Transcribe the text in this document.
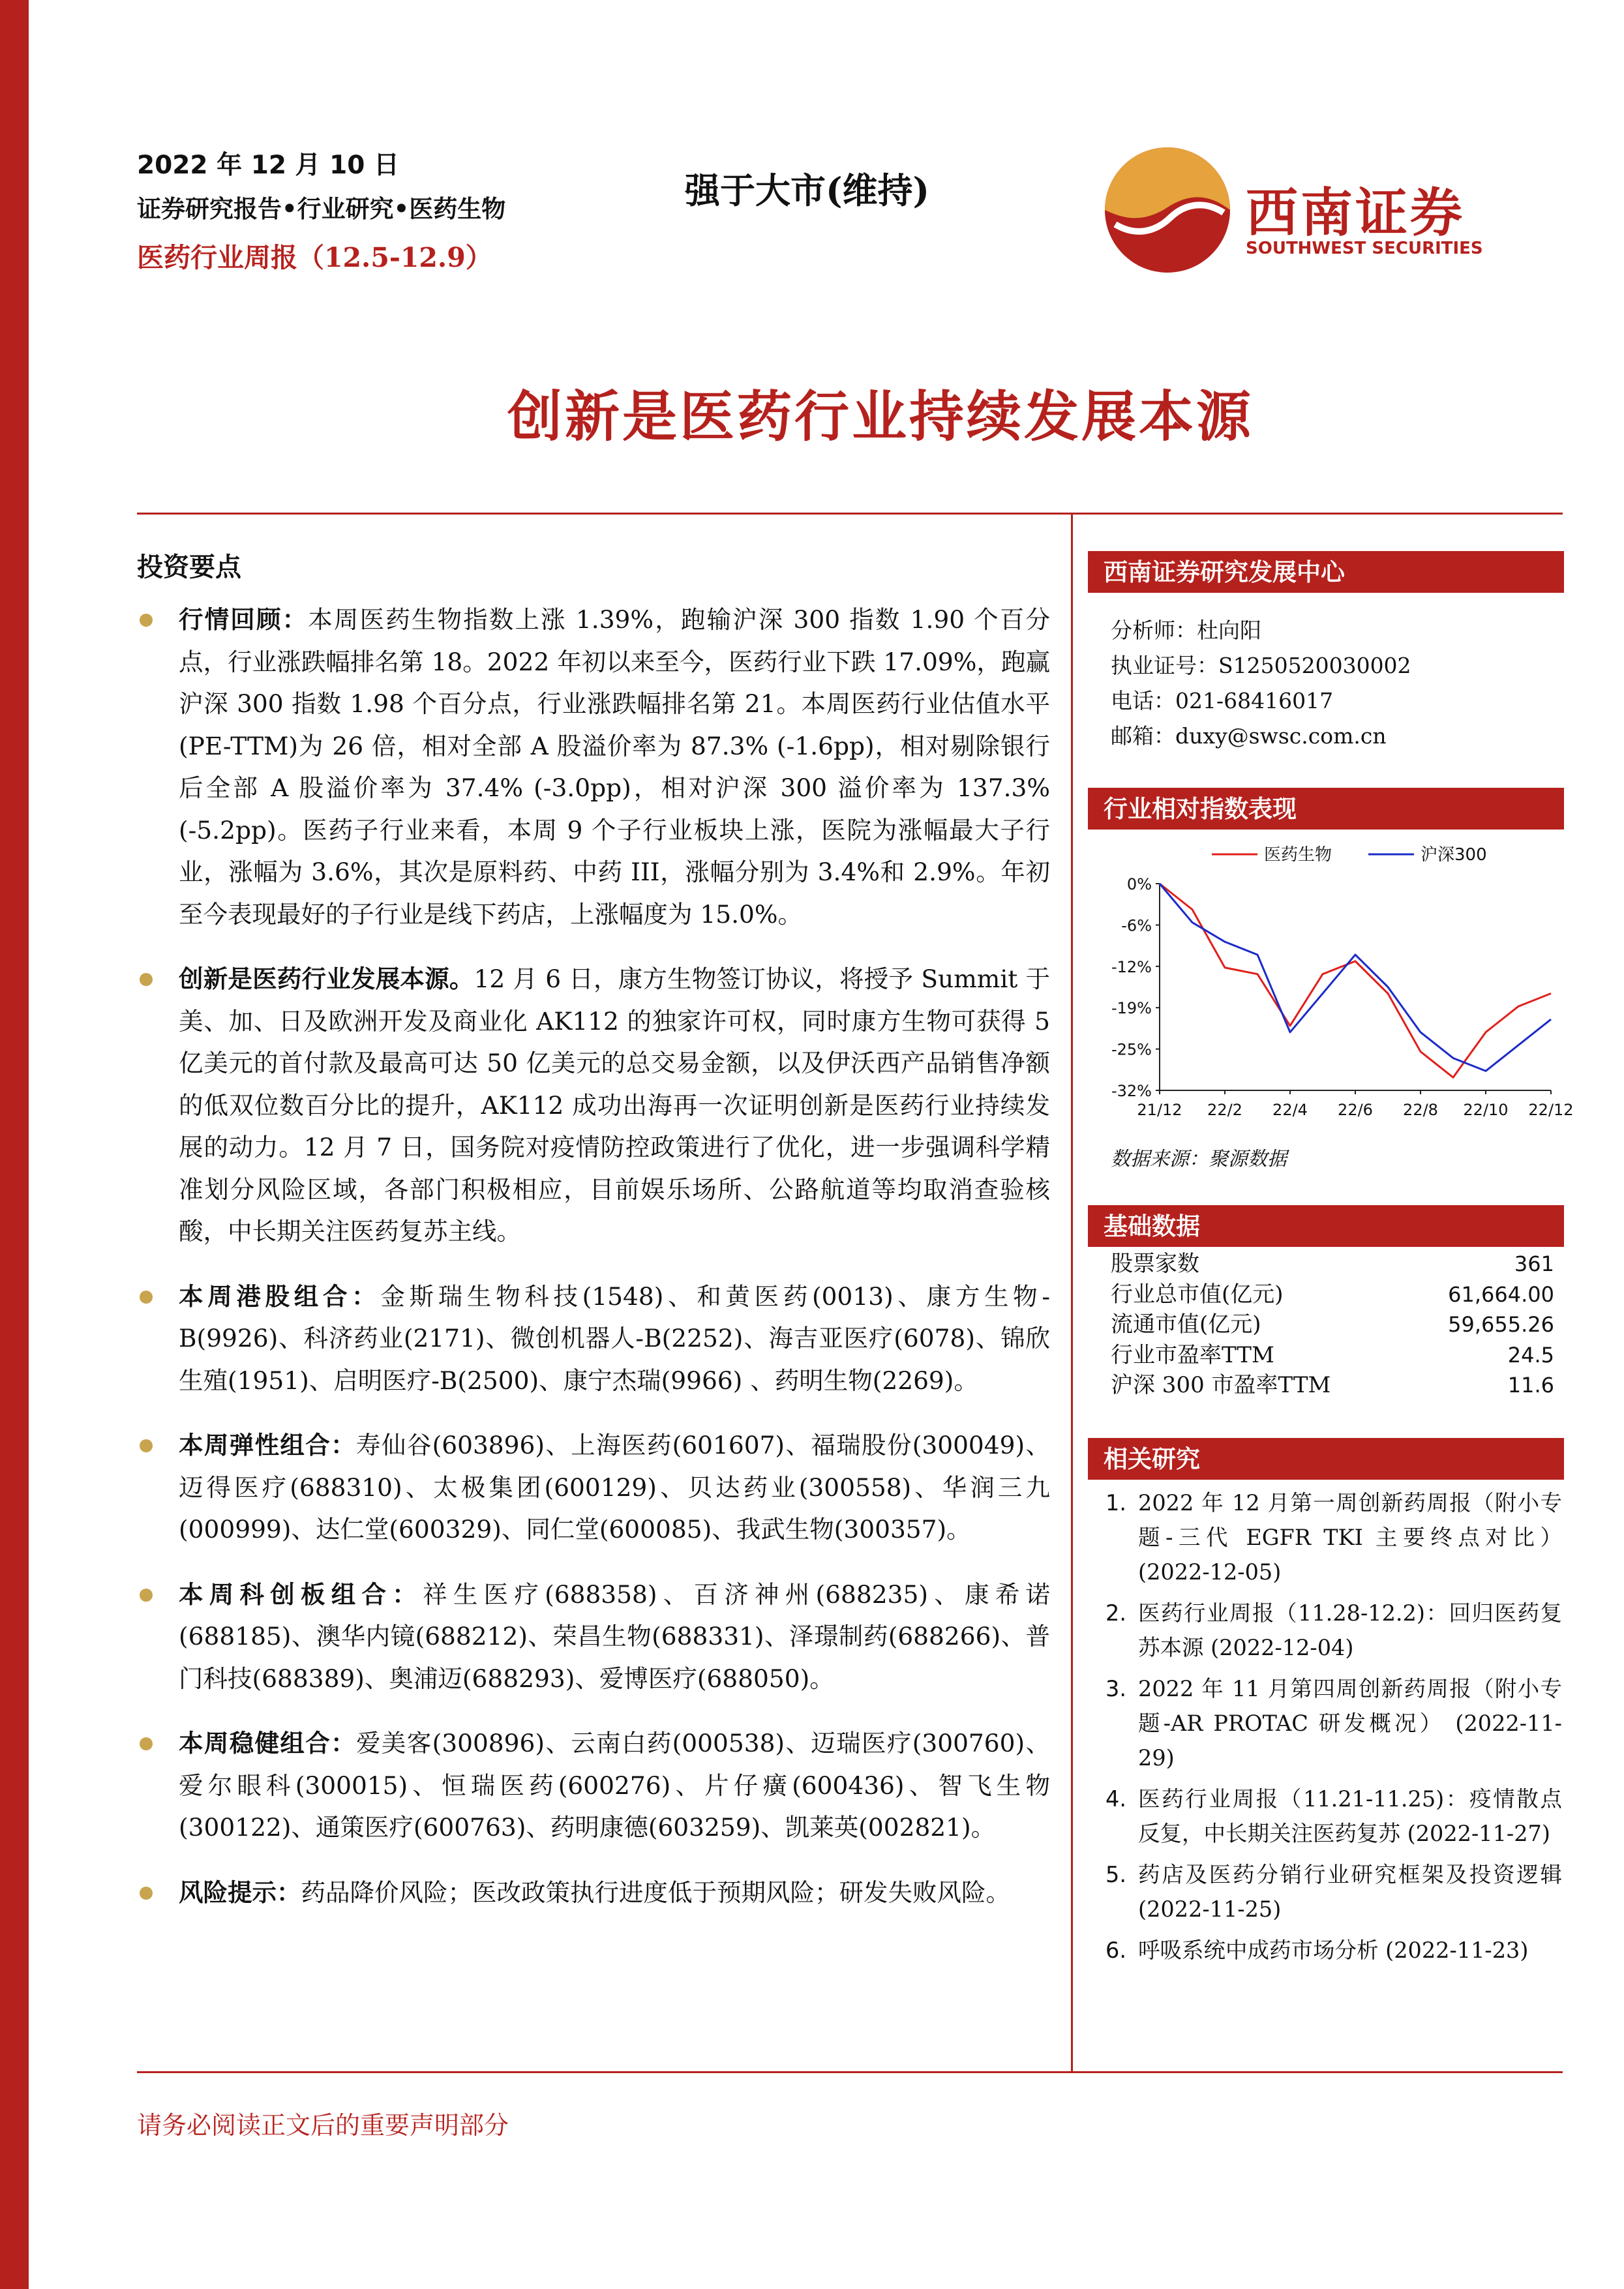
2022 年 12 月 10 日
证券研究报告•行业研究•医药生物
医药行业周报（12.5-12.9）
强于大市(维持)	西南证券
SOUTHWEST SECURITIES
创新是医药行业持续发展本源
投资要点
行情回顾：本周医药生物指数上涨 1.39%，跑输沪深 300 指数 1.90 个百分点，行业涨跌幅排名第 18。2022 年初以来至今，医药行业下跌 17.09%，跑赢沪深 300 指数 1.98 个百分点，行业涨跌幅排名第 21。本周医药行业估值水平(PE-TTM)为 26 倍，相对全部 A 股溢价率为 87.3% (-1.6pp)，相对剔除银行后全部 A 股溢价率为 37.4% (-3.0pp)，相对沪深 300 溢价率为 137.3% (-5.2pp)。医药子行业来看，本周 9 个子行业板块上涨，医院为涨幅最大子行业，涨幅为 3.6%，其次是原料药、中药 III，涨幅分别为 3.4%和 2.9%。年初至今表现最好的子行业是线下药店，上涨幅度为 15.0%。
创新是医药行业发展本源。12 月 6 日，康方生物签订协议，将授予 Summit 于美、加、日及欧洲开发及商业化 AK112 的独家许可权，同时康方生物可获得 5 亿美元的首付款及最高可达 50 亿美元的总交易金额，以及伊沃西产品销售净额的低双位数百分比的提升，AK112 成功出海再一次证明创新是医药行业持续发展的动力。12 月 7 日，国务院对疫情防控政策进行了优化，进一步强调科学精准划分风险区域，各部门积极相应，目前娱乐场所、公路航道等均取消查验核酸，中长期关注医药复苏主线。
本周港股组合：金斯瑞生物科技(1548)、和黄医药(0013)、康方生物-B(9926)、科济药业(2171)、微创机器人-B(2252)、海吉亚医疗(6078)、锦欣生殖(1951)、启明医疗-B(2500)、康宁杰瑞(9966) 、药明生物(2269)。
本周弹性组合：寿仙谷(603896)、上海医药(601607)、福瑞股份(300049)、迈得医疗(688310)、太极集团(600129)、贝达药业(300558)、华润三九(000999)、达仁堂(600329)、同仁堂(600085)、我武生物(300357)。
本周科创板组合：祥生医疗(688358)、百济神州(688235)、康希诺(688185)、澳华内镜(688212)、荣昌生物(688331)、泽璟制药(688266)、普门科技(688389)、奥浦迈(688293)、爱博医疗(688050)。
本周稳健组合：爱美客(300896)、云南白药(000538)、迈瑞医疗(300760)、爱尔眼科(300015)、恒瑞医药(600276)、片仔癀(600436)、智飞生物(300122)、通策医疗(600763)、药明康德(603259)、凯莱英(002821)。
风险提示：药品降价风险；医改政策执行进度低于预期风险；研发失败风险。
西南证券研究发展中心
分析师：杜向阳
执业证号：S1250520030002
电话：021-68416017
邮箱：duxy@swsc.com.cn
行业相对指数表现
0%
-6%
-12%
-19%
-25%
-32%
21/12 22/2 22/4 22/6 22/8 22/10 22/12
医药生物	沪深300
数据来源：聚源数据
基础数据
股票家数	361
行业总市值(亿元)	61,664.00
流通市值(亿元)	59,655.26
行业市盈率TTM	24.5
沪深 300 市盈率TTM	11.6
相关研究
1. 2022 年 12 月第一周创新药周报（附小专题-三代 EGFR TKI 主要终点对比） (2022-12-05)
2. 医药行业周报（11.28-12.2)：回归医药复苏本源 (2022-12-04)
3. 2022 年 11 月第四周创新药周报（附小专题-AR PROTAC 研发概况） (2022-11-29)
4. 医药行业周报（11.21-11.25)：疫情散点反复，中长期关注医药复苏 (2022-11-27)
5. 药店及医药分销行业研究框架及投资逻辑 (2022-11-25)
6. 呼吸系统中成药市场分析 (2022-11-23)
请务必阅读正文后的重要声明部分
